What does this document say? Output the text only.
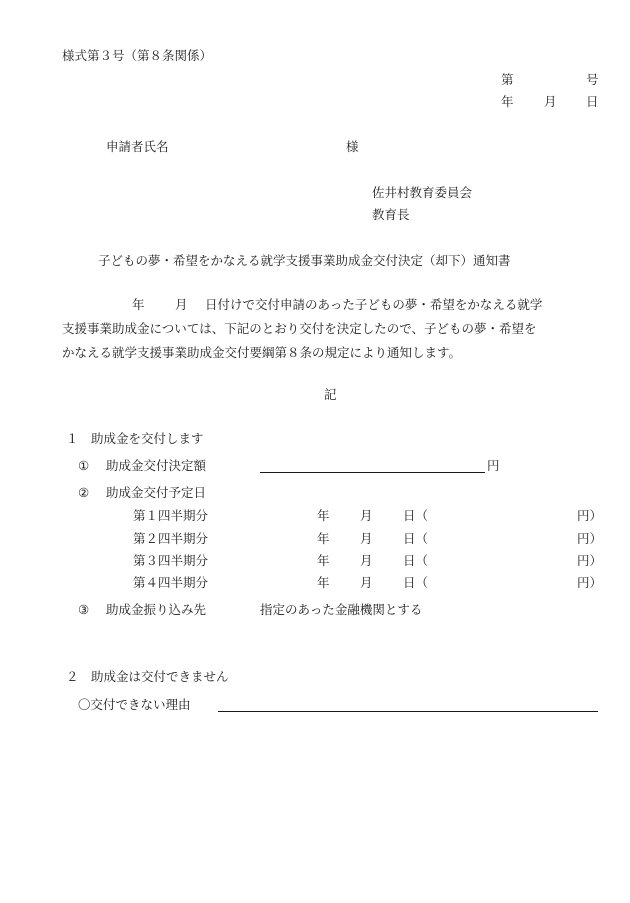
様式第３号（第８条関係）
第	号
年 月 日
申請者氏名	様
佐井村教育委員会
教育長
子どもの夢・希望をかなえる就学支援事業助成金交付決定（却下）通知書
年 月 日付けで交付申請のあった子どもの夢・希望をかなえる就学
支援事業助成金については、下記のとおり交付を決定したので、子どもの夢・希望を
かなえる就学支援事業助成金交付要綱第８条の規定により通知します。
記
１　助成金を交付します
① 助成金交付決定額	円
② 助成金交付予定日
第１四半期分	年 月 日（	円）
第２四半期分	年 月 日（	円）
第３四半期分	年 月 日（	円）
第４四半期分	年 月 日（	円）
③ 助成金振り込み先	指定のあった金融機関とする
２　助成金は交付できません
〇交付できない理由
